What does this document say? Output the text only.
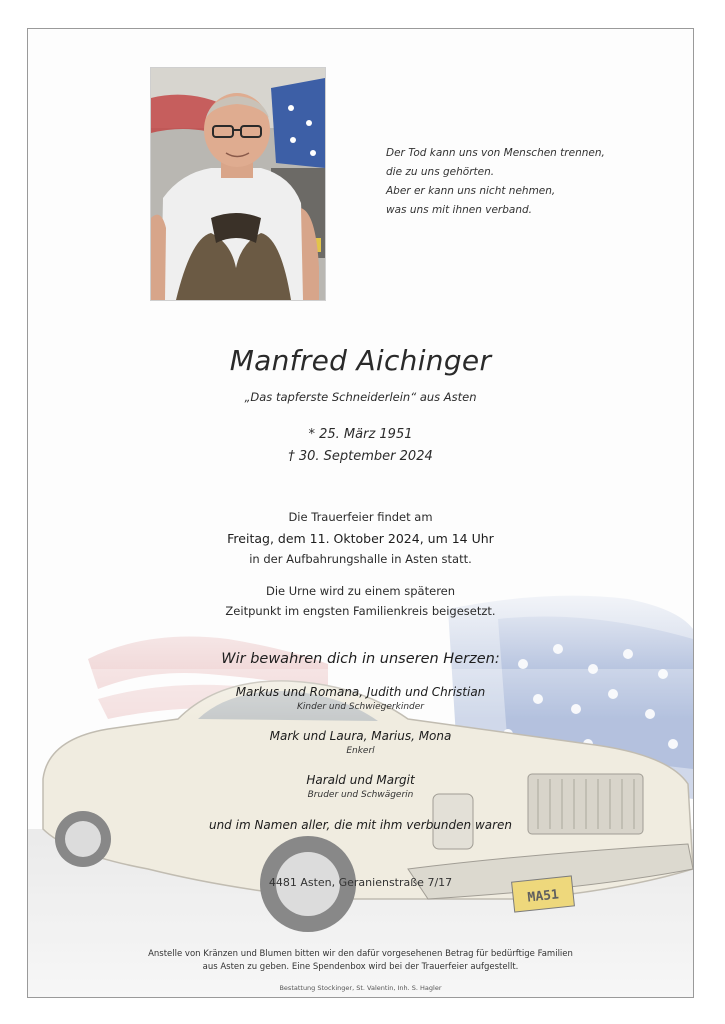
Der Tod kann uns von Menschen trennen,
die zu uns gehörten.
Aber er kann uns nicht nehmen,
was uns mit ihnen verband.
Manfred Aichinger
„Das tapferste Schneiderlein“ aus Asten
* 25. März 1951
† 30. September 2024
Die Trauerfeier findet am
Freitag, dem 11. Oktober 2024, um 14 Uhr
in der Aufbahrungshalle in Asten statt.
Die Urne wird zu einem späteren
Zeitpunkt im engsten Familienkreis beigesetzt.
Wir bewahren dich in unseren Herzen:
Markus und Romana, Judith und Christian
Kinder und Schwiegerkinder
Mark und Laura, Marius, Mona
Enkerl
Harald und Margit
Bruder und Schwägerin
und im Namen aller, die mit ihm verbunden waren
4481 Asten, Geranienstraße 7/17
Anstelle von Kränzen und Blumen bitten wir den dafür vorgesehenen Betrag für bedürftige Familien
aus Asten zu geben. Eine Spendenbox wird bei der Trauerfeier aufgestellt.
Bestattung Stockinger, St. Valentin, Inh. S. Hagler
